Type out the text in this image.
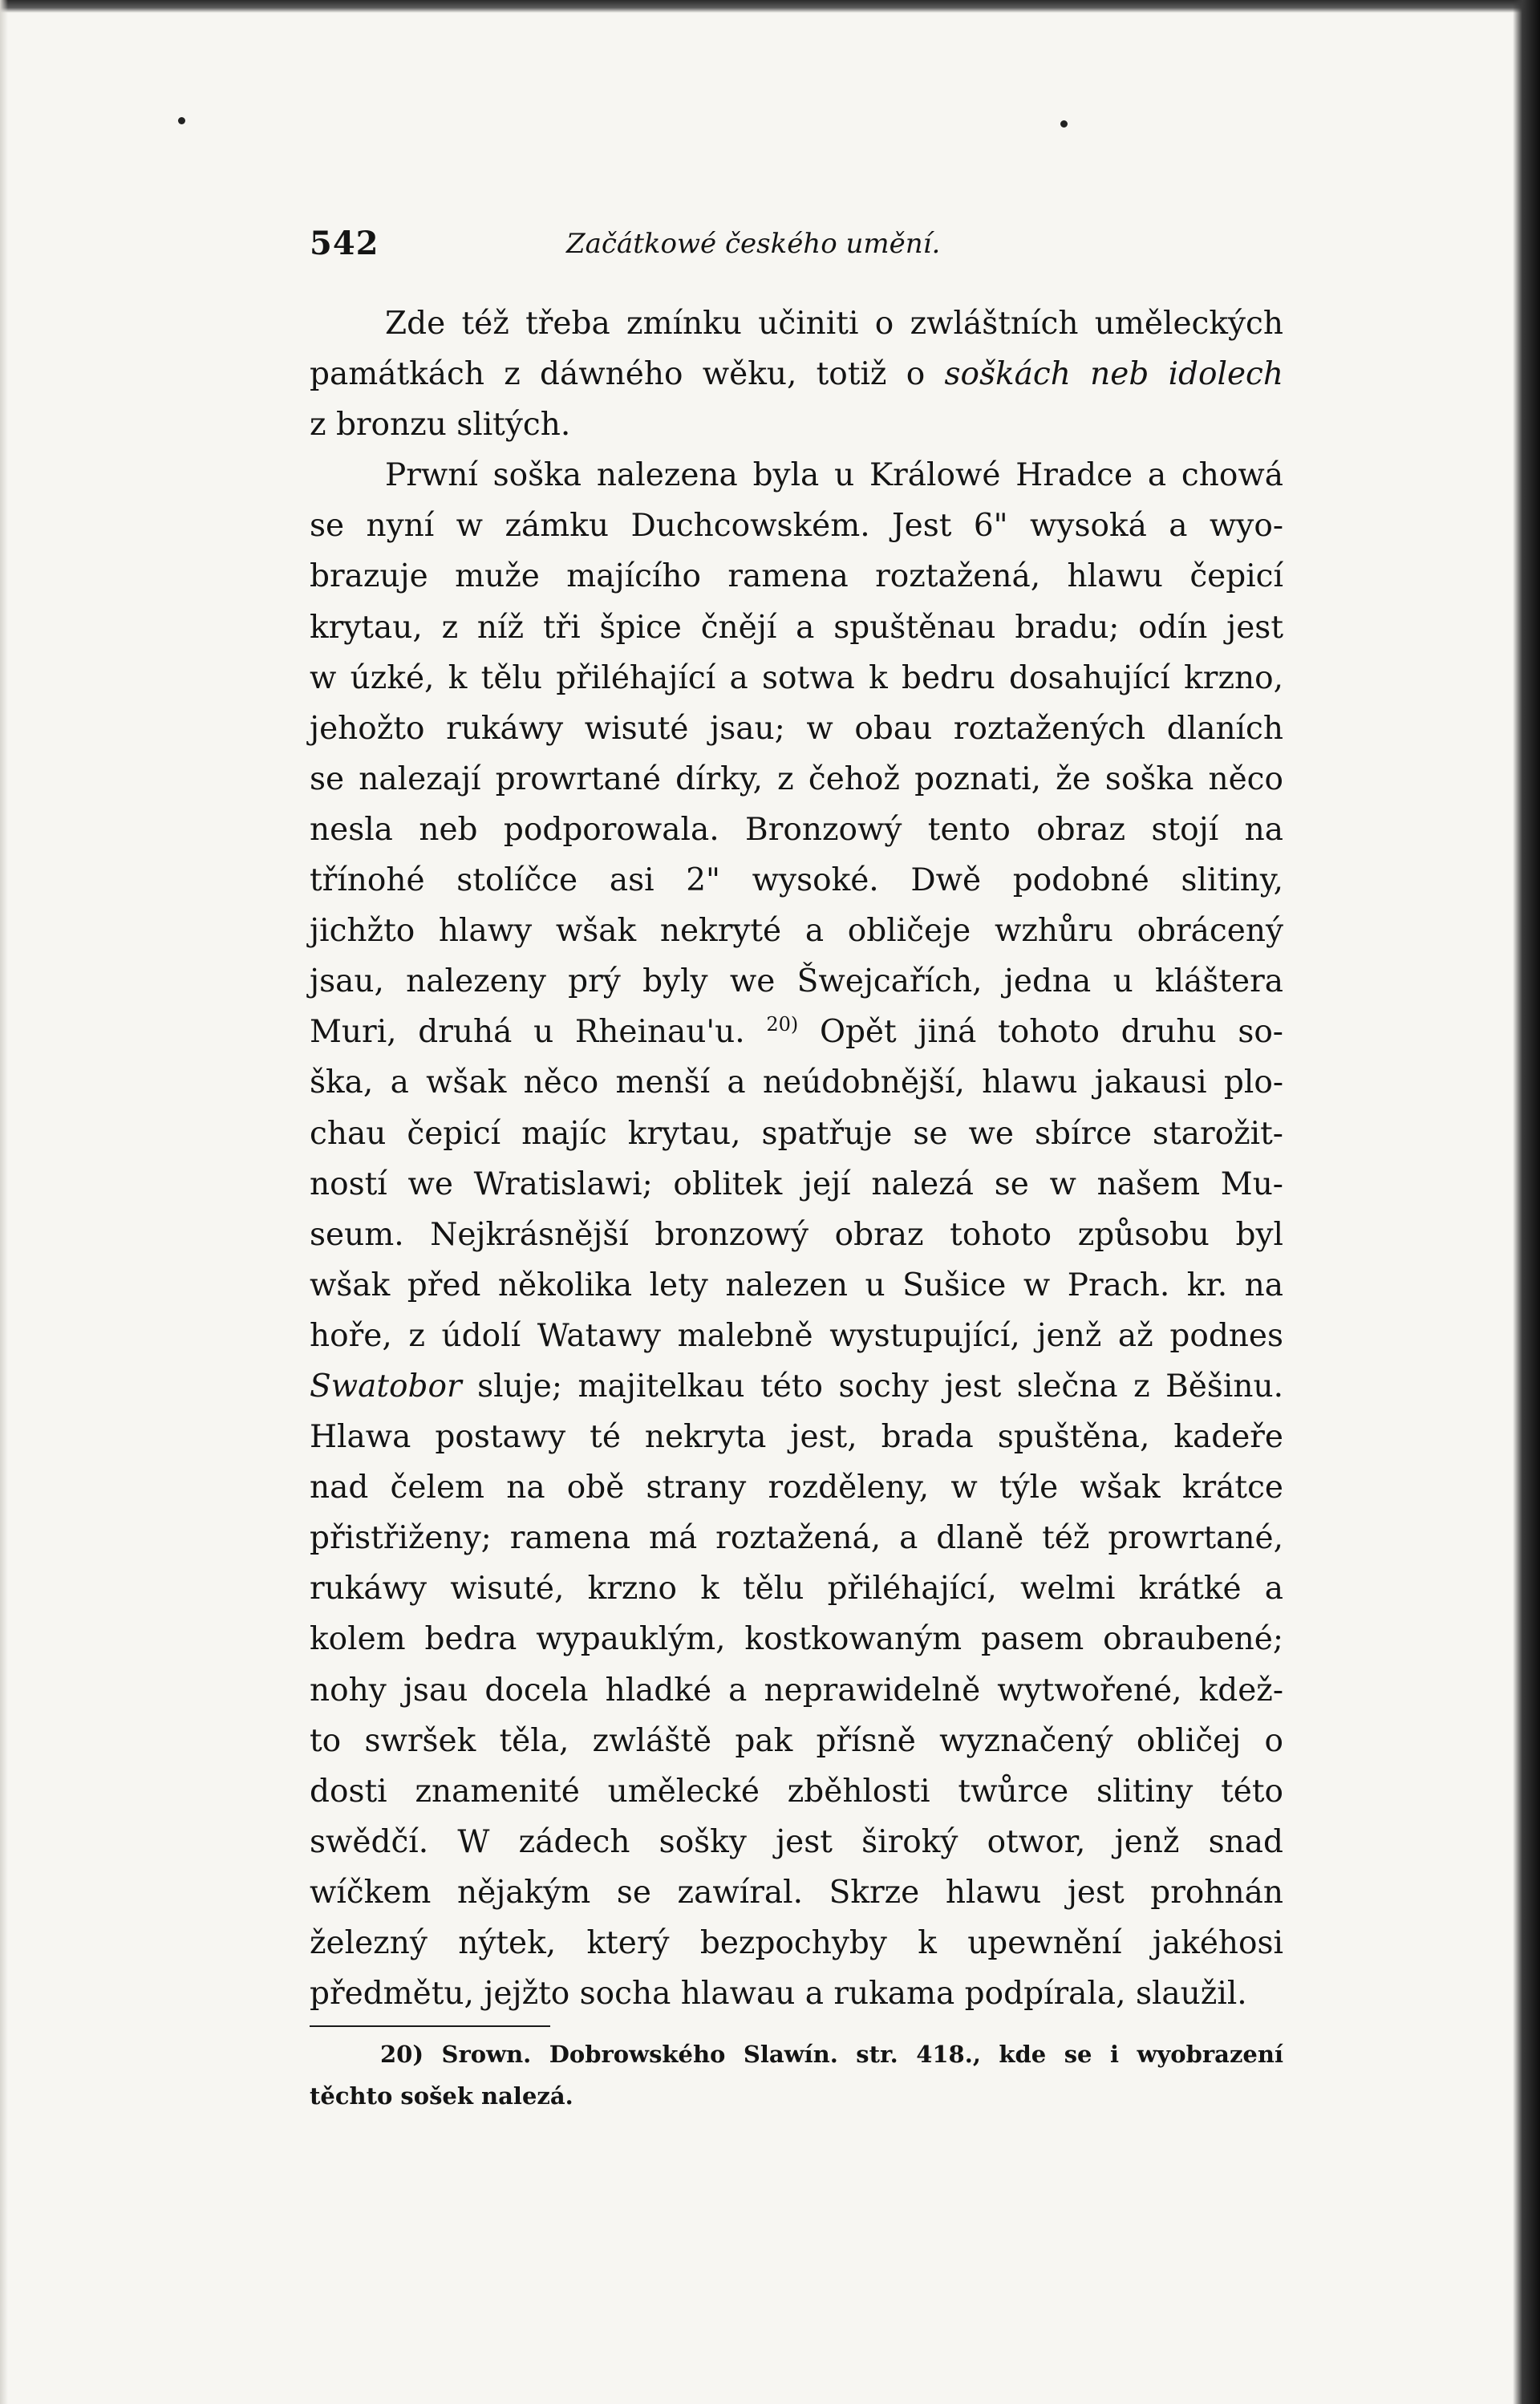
542	Začátkowé českého umění.
Zde též třeba zmínku učiniti o zwláštních uměleckých
památkách z dáwného wěku, totiž o soškách neb idolech
z bronzu slitých.
Prwní soška nalezena byla u Králowé Hradce a chowá
se nyní w zámku Duchcowském. Jest 6" wysoká a wyo-
brazuje muže majícího ramena roztažená, hlawu čepicí
krytau, z níž tři špice čnějí a spuštěnau bradu; odín jest
w úzké, k tělu přiléhající a sotwa k bedru dosahující krzno,
jehožto rukáwy wisuté jsau; w obau roztažených dlaních
se nalezají prowrtané dírky, z čehož poznati, že soška něco
nesla neb podporowala. Bronzowý tento obraz stojí na
třínohé stolíčce asi 2" wysoké. Dwě podobné slitiny,
jichžto hlawy wšak nekryté a obličeje wzhůru obrácený
jsau, nalezeny prý byly we Šwejcařích, jedna u kláštera
Muri, druhá u Rheinau'u. $^{20)}$ Opět jiná tohoto druhu so-
ška, a wšak něco menší a neúdobnější, hlawu jakausi plo-
chau čepicí majíc krytau, spatřuje se we sbírce starožit-
ností we Wratislawi; oblitek její nalezá se w našem Mu-
seum. Nejkrásnější bronzowý obraz tohoto způsobu byl
wšak před několika lety nalezen u Sušice w Prach. kr. na
hoře, z údolí Watawy malebně wystupující, jenž až podnes
Swatobor sluje; majitelkau této sochy jest slečna z Běšinu.
Hlawa postawy té nekryta jest, brada spuštěna, kadeře
nad čelem na obě strany rozděleny, w týle wšak krátce
přistřiženy; ramena má roztažená, a dlaně též prowrtané,
rukáwy wisuté, krzno k tělu přiléhající, welmi krátké a
kolem bedra wypauklým, kostkowaným pasem obraubené;
nohy jsau docela hladké a neprawidelně wytwořené, kdež-
to swršek těla, zwláště pak přísně wyznačený obličej o
dosti znamenité umělecké zběhlosti twůrce slitiny této
swědčí. W zádech sošky jest široký otwor, jenž snad
wíčkem nějakým se zawíral. Skrze hlawu jest prohnán
železný nýtek, který bezpochyby k upewnění jakéhosi
předmětu, jejžto socha hlawau a rukama podpírala, slaužil.
20) Srown. Dobrowského Slawín. str. 418., kde se i wyobrazení
těchto sošek nalezá.
